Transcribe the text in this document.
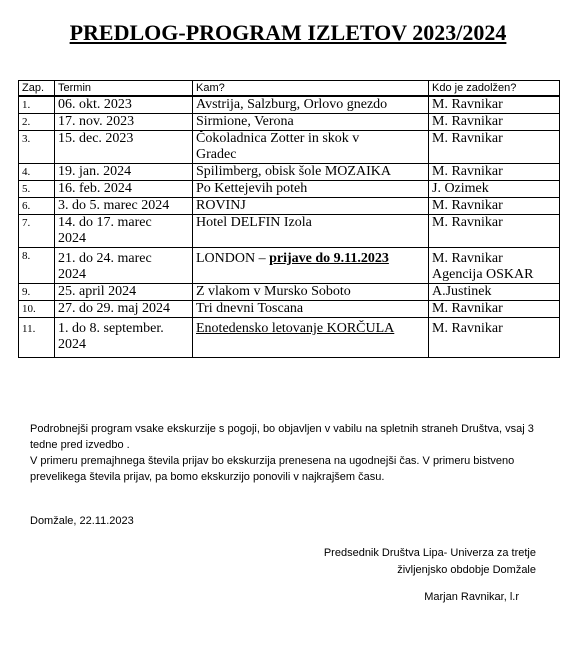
PREDLOG-PROGRAM IZLETOV 2023/2024
Zap.	Termin	Kam?	Kdo je zadolžen?
1.	06. okt. 2023	Avstrija, Salzburg, Orlovo gnezdo	M. Ravnikar
2.	17. nov. 2023	Sirmione, Verona	M. Ravnikar
3.	15. dec. 2023	Čokoladnica Zotter in skok v Gradec	M. Ravnikar
4.	19. jan. 2024	Spilimberg, obisk šole MOZAIKA	M. Ravnikar
5.	16. feb. 2024	Po Kettejevih poteh	J. Ozimek
6.	3. do 5. marec 2024	ROVINJ	M. Ravnikar
7.	14. do 17. marec 2024	Hotel DELFIN Izola	M. Ravnikar
8.	21. do 24. marec 2024	LONDON – prijave do 9.11.2023	M. Ravnikar
Agencija OSKAR

9.	25. april 2024	Z vlakom v Mursko Soboto	A.Justinek
10.	27. do 29. maj 2024	Tri dnevni Toscana	M. Ravnikar
11.	1. do 8. september. 2024	Enotedensko letovanje KORČULA	M. Ravnikar

Podrobnejši program vsake ekskurzije s pogoji, bo objavljen v vabilu na spletnih straneh Društva, vsaj 3 tedne pred izvedbo .

V primeru premajhnega števila prijav bo ekskurzija prenesena na ugodnejši čas. V primeru bistveno prevelikega števila prijav, pa bomo ekskurzijo ponovili v najkrajšem času.

Domžale, 22.11.2023
Predsednik Društva Lipa- Univerza za tretje
življenjsko obdobje Domžale
Marjan Ravnikar, l.r
